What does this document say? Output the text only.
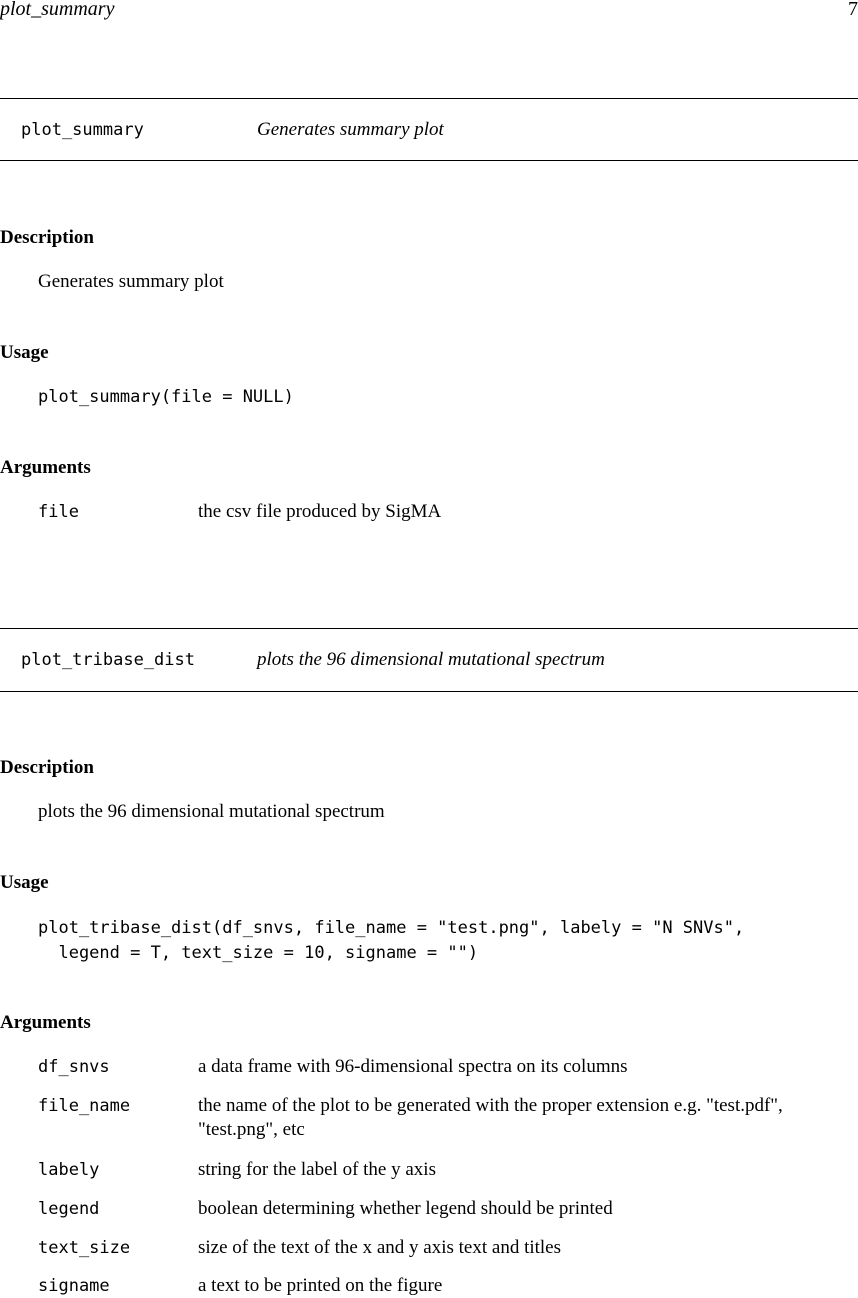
plot_summary	7
plot_summary	Generates summary plot
Description
Generates summary plot
Usage
plot_summary(file = NULL)
Arguments
file	the csv file produced by SigMA
plot_tribase_dist	plots the 96 dimensional mutational spectrum
Description
plots the 96 dimensional mutational spectrum
Usage
plot_tribase_dist(df_snvs, file_name = "test.png", labely = "N SNVs",
legend = T, text_size = 10, signame = "")
Arguments
df_snvs	a data frame with 96-dimensional spectra on its columns
file_name	the name of the plot to be generated with the proper extension e.g. "test.pdf", "test.png", etc
labely	string for the label of the y axis
legend	boolean determining whether legend should be printed
text_size	size of the text of the x and y axis text and titles
signame	a text to be printed on the figure
